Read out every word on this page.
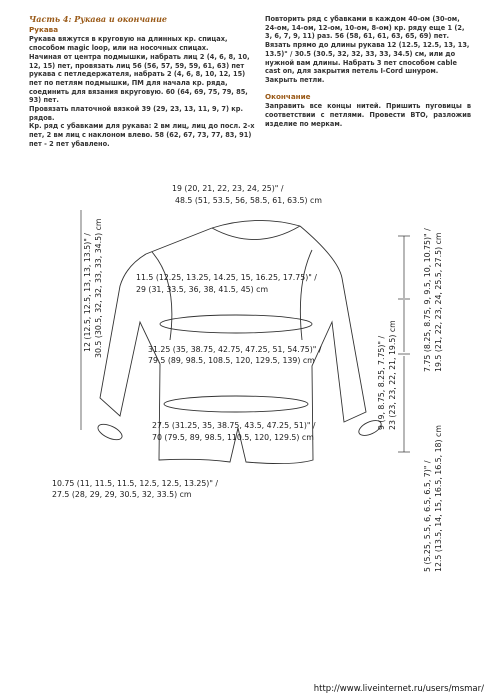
Часть 4: Рукава и окончание
Рукава

Рукава вяжутся в круговую на длинных кр. спицах, способом magic loop, или на носочных спицах.

Начиная от центра подмышки, набрать лиц 2 (4, 6, 8, 10, 12, 15) пет, провязать лиц 56 (56, 57, 59, 59, 61, 63) пет рукава с петледержателя, набрать 2 (4, 6, 8, 10, 12, 15) пет по петлям подмышки, ПМ для начала кр. ряда, соединить для вязания вкруговую. 60 (64, 69, 75, 79, 85, 93) пет.

Провязать платочной вязкой 39 (29, 23, 13, 11, 9, 7) кр. рядов.

Кр. ряд с убавками для рукава: 2 вм лиц, лиц до посл. 2-х пет, 2 вм лиц с наклоном влево. 58 (62, 67, 73, 77, 83, 91) пет - 2 пет убавлено.

Повторить ряд с убавками в каждом 40-ом (30-ом, 24-ом, 14-ом, 12-ом, 10-ом, 8-ом) кр. ряду еще 1 (2, 3, 6, 7, 9, 11) раз. 56 (58, 61, 61, 63, 65, 69) пет.

Вязать прямо до длины рукава 12 (12.5, 12.5, 13, 13, 13.5)" / 30.5 (30.5, 32, 32, 33, 33, 34.5) см, или до нужной вам длины. Набрать 3 пет способом cable cast on, для закрытия петель I-Cord шнуром. Закрыть петли.

Окончание

Заправить все концы нитей. Пришить пуговицы в соответствии с петлями. Провести ВТО, разложив изделие по меркам.

19 (20, 21, 22, 23, 24, 25)" /
48.5 (51, 53.5, 56, 58.5, 61, 63.5) cm
11.5 (12.25, 13.25, 14.25, 15, 16.25, 17.75)" /
29 (31, 33.5, 36, 38, 41.5, 45) cm
31.25 (35, 38.75, 42.75, 47.25, 51, 54.75)" /
79.5 (89, 98.5, 108.5, 120, 129.5, 139) cm
27.5 (31.25, 35, 38.75, 43.5, 47.25, 51)" /
70 (79.5, 89, 98.5, 110.5, 120, 129.5) cm
10.75 (11, 11.5, 11.5, 12.5, 12.5, 13.25)" /
27.5 (28, 29, 29, 30.5, 32, 33.5) cm
12 (12.5, 12.5, 13, 13, 13.5)" / 30.5 (30.5, 32, 32, 33, 33, 34.5) cm	7.75 (8.25, 8.75, 9, 9.5, 10, 10.75)" / 19.5 (21, 22, 23, 24, 25.5, 27.5) cm
9 (9, 8.75, 8.25, 7.75)" / 23 (23, 23, 22, 21, 19.5) cm
5 (5.25, 5.5, 6, 6.5, 6.5, 7)" / 12.5 (13.5, 14, 15, 16.5, 16.5, 18) cm
http://www.liveinternet.ru/users/msmar/
